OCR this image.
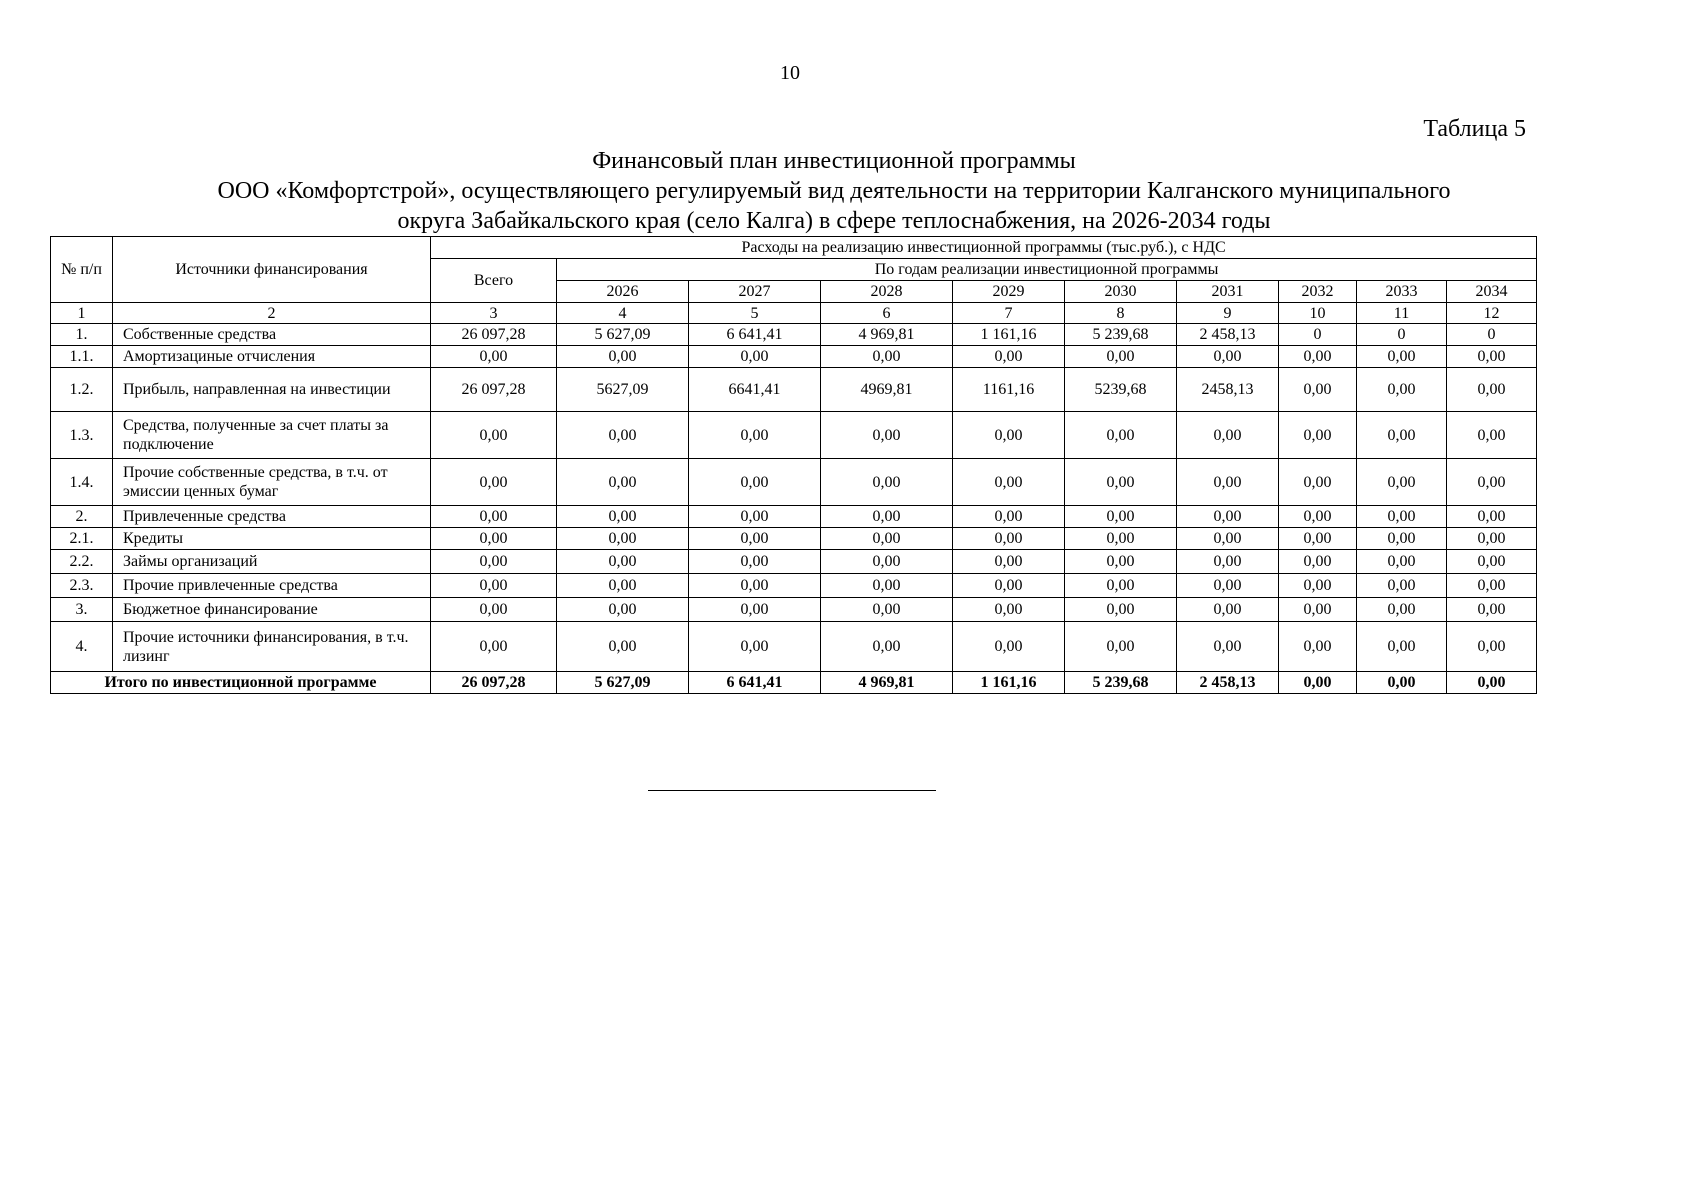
10
Таблица 5
Финансовый план инвестиционной программы
ООО «Комфортстрой», осуществляющего регулируемый вид деятельности на территории Калганского муниципального
округа Забайкальского края (село Калга) в сфере теплоснабжения, на 2026-2034 годы
№ п/п	Источники финансирования	Расходы на реализацию инвестиционной программы (тыс.руб.), с НДС									
		Всего	По годам реализации инвестиционной программы								
			2026	2027	2028	2029	2030	2031	2032	2033	2034
1	2	3	4	5	6	7	8	9	10	11	12
1.	Собственные средства	26 097,28	5 627,09	6 641,41	4 969,81	1 161,16	5 239,68	2 458,13	0	0	0
1.1.	Амортизациные отчисления	0,00	0,00	0,00	0,00	0,00	0,00	0,00	0,00	0,00	0,00
1.2.	Прибыль, направленная на инвестиции	26 097,28	5627,09	6641,41	4969,81	1161,16	5239,68	2458,13	0,00	0,00	0,00
1.3.	Средства, полученные за счет платы за подключение	0,00	0,00	0,00	0,00	0,00	0,00	0,00	0,00	0,00	0,00
1.4.	Прочие собственные средства, в т.ч. от эмиссии ценных бумаг	0,00	0,00	0,00	0,00	0,00	0,00	0,00	0,00	0,00	0,00
2.	Привлеченные средства	0,00	0,00	0,00	0,00	0,00	0,00	0,00	0,00	0,00	0,00
2.1.	Кредиты	0,00	0,00	0,00	0,00	0,00	0,00	0,00	0,00	0,00	0,00
2.2.	Займы организаций	0,00	0,00	0,00	0,00	0,00	0,00	0,00	0,00	0,00	0,00
2.3.	Прочие привлеченные средства	0,00	0,00	0,00	0,00	0,00	0,00	0,00	0,00	0,00	0,00
3.	Бюджетное финансирование	0,00	0,00	0,00	0,00	0,00	0,00	0,00	0,00	0,00	0,00
4.	Прочие источники финансирования, в т.ч. лизинг	0,00	0,00	0,00	0,00	0,00	0,00	0,00	0,00	0,00	0,00
Итого по инвестиционной программе		26 097,28	5 627,09	6 641,41	4 969,81	1 161,16	5 239,68	2 458,13	0,00	0,00	0,00
